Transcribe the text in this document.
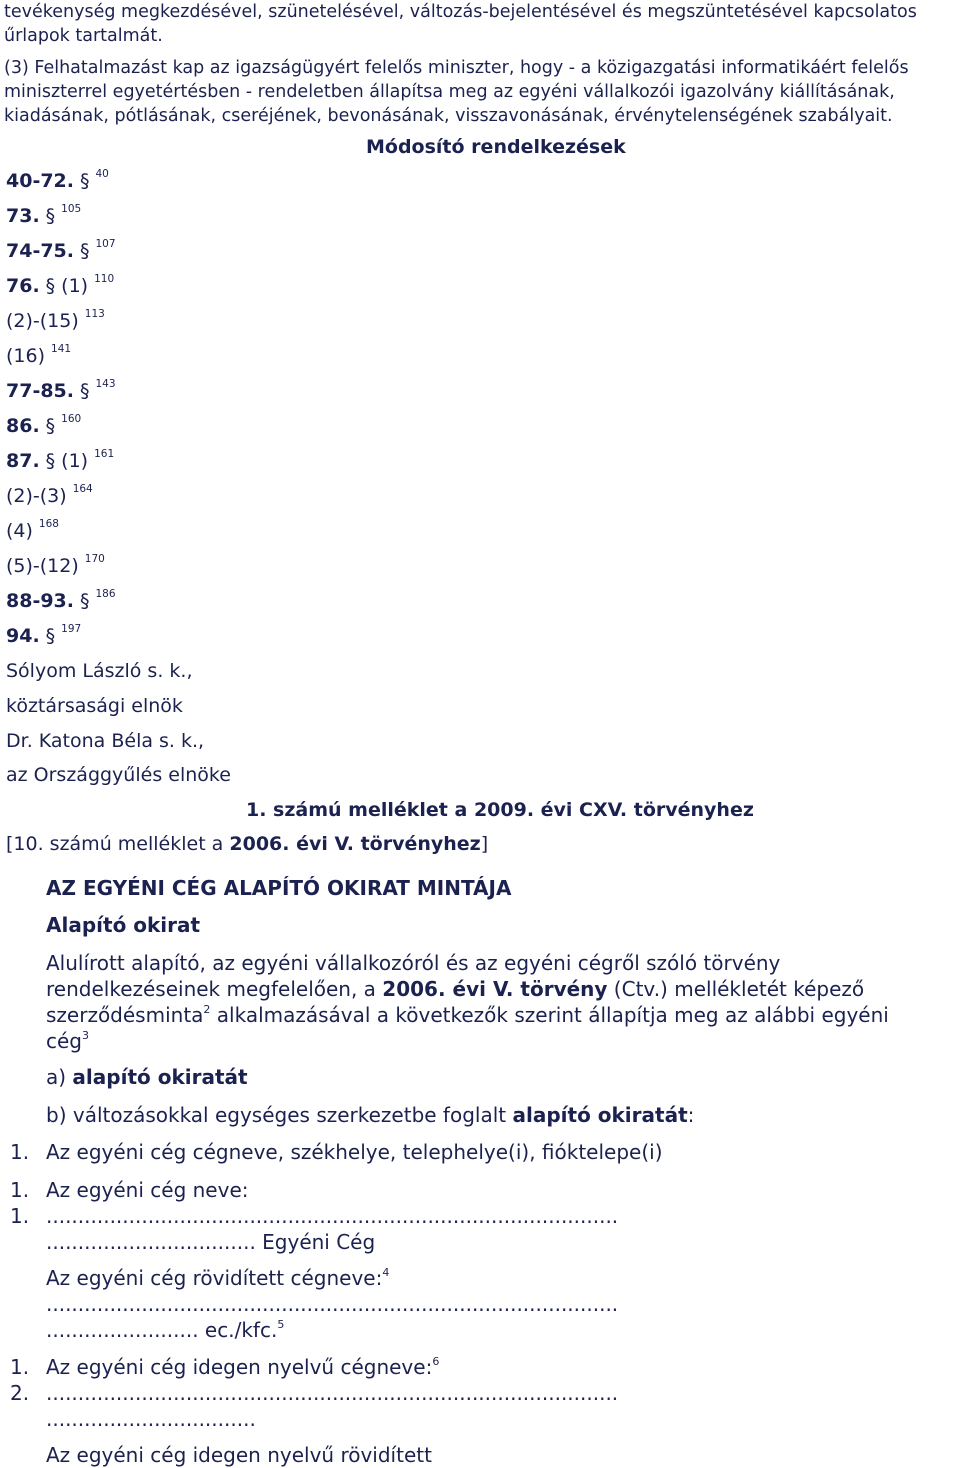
tevékenység megkezdésével, szünetelésével, változás-bejelentésével és megszüntetésével kapcsolatos
űrlapok tartalmát.
(3) Felhatalmazást kap az igazságügyért felelős miniszter, hogy - a közigazgatási informatikáért felelős
miniszterrel egyetértésben - rendeletben állapítsa meg az egyéni vállalkozói igazolvány kiállításának,
kiadásának, pótlásának, cseréjének, bevonásának, visszavonásának, érvénytelenségének szabályait.
Módosító rendelkezések
40-72. § $^{40}$
73. § $^{105}$
74-75. § $^{107}$
76. § (1) $^{110}$
(2)-(15) $^{113}$
(16) $^{141}$
77-85. § $^{143}$
86. § $^{160}$
87. § (1) $^{161}$
(2)-(3) $^{164}$
(4) $^{168}$
(5)-(12) $^{170}$
88-93. § $^{186}$
94. § $^{197}$
Sólyom László s. k.,
köztársasági elnök
Dr. Katona Béla s. k.,
az Országgyűlés elnöke
1. számú melléklet a 2009. évi CXV. törvényhez
[10. számú melléklet a 2006. évi V. törvényhez]
AZ EGYÉNI CÉG ALAPÍTÓ OKIRAT MINTÁJA
Alapító okirat
Alulírott alapító, az egyéni vállalkozóról és az egyéni cégről szóló törvény
rendelkezéseinek megfelelően, a 2006. évi V. törvény (Ctv.) mellékletét képező
szerződésminta$^2$ alkalmazásával a következők szerint állapítja meg az alábbi egyéni
cég$^3$
a) alapító okiratát
b) változásokkal egységes szerkezetbe foglalt alapító okiratát:
1. Az egyéni cég cégneve, székhelye, telephelye(i), fióktelepe(i)
1. Az egyéni cég neve:
1. ..........................................................................................
................................. Egyéni Cég
Az egyéni cég rövidített cégneve:$^4$
..........................................................................................
........................ ec./kfc.$^5$
1. Az egyéni cég idegen nyelvű cégneve:$^6$
2. ..........................................................................................
.................................
Az egyéni cég idegen nyelvű rövidített
